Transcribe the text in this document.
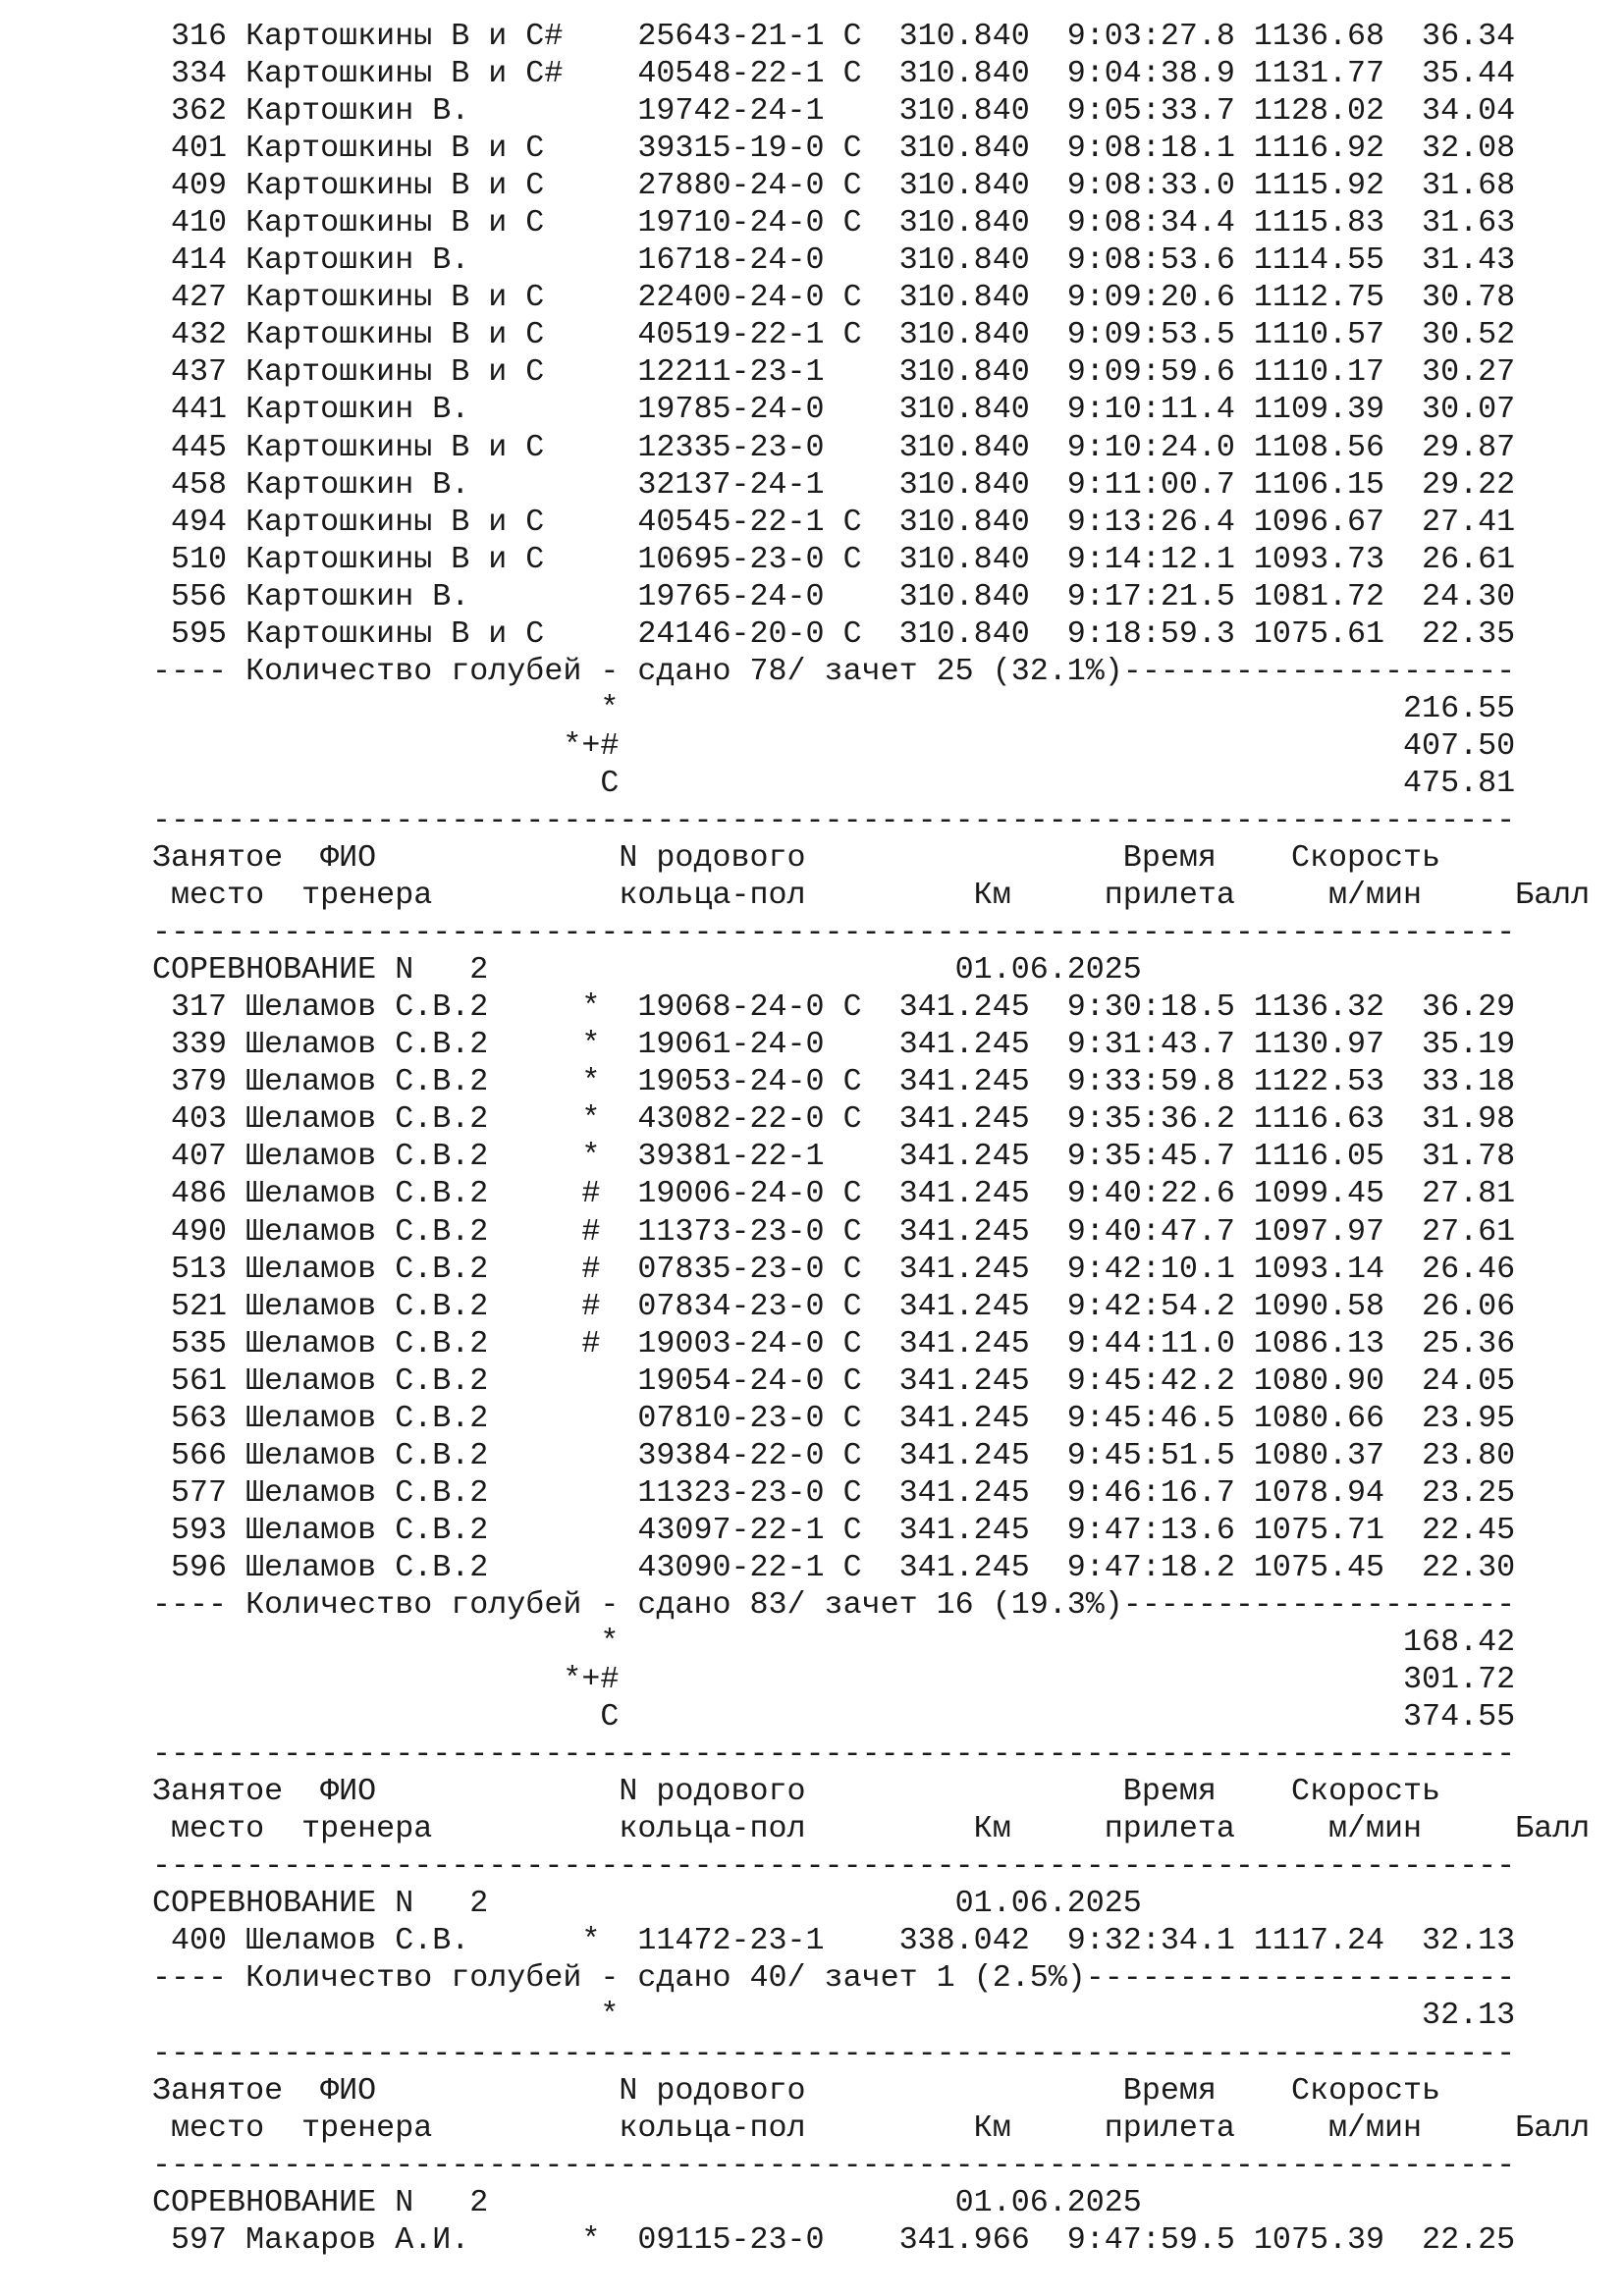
316 Картошкины В и С#    25643-21-1 С  310.840  9:03:27.8 1136.68  36.34
334 Картошкины В и С#    40548-22-1 С  310.840  9:04:38.9 1131.77  35.44
362 Картошкин В.         19742-24-1    310.840  9:05:33.7 1128.02  34.04
401 Картошкины В и С     39315-19-0 С  310.840  9:08:18.1 1116.92  32.08
409 Картошкины В и С     27880-24-0 С  310.840  9:08:33.0 1115.92  31.68
410 Картошкины В и С     19710-24-0 С  310.840  9:08:34.4 1115.83  31.63
414 Картошкин В.         16718-24-0    310.840  9:08:53.6 1114.55  31.43
427 Картошкины В и С     22400-24-0 С  310.840  9:09:20.6 1112.75  30.78
432 Картошкины В и С     40519-22-1 С  310.840  9:09:53.5 1110.57  30.52
437 Картошкины В и С     12211-23-1    310.840  9:09:59.6 1110.17  30.27
441 Картошкин В.         19785-24-0    310.840  9:10:11.4 1109.39  30.07
445 Картошкины В и С     12335-23-0    310.840  9:10:24.0 1108.56  29.87
458 Картошкин В.         32137-24-1    310.840  9:11:00.7 1106.15  29.22
494 Картошкины В и С     40545-22-1 С  310.840  9:13:26.4 1096.67  27.41
510 Картошкины В и С     10695-23-0 С  310.840  9:14:12.1 1093.73  26.61
556 Картошкин В.         19765-24-0    310.840  9:17:21.5 1081.72  24.30
595 Картошкины В и С     24146-20-0 С  310.840  9:18:59.3 1075.61  22.35
---- Количество голубей - сдано 78/ зачет 25 (32.1%)---------------------
*                                          216.55
*+#                                          407.50
С                                          475.81
-------------------------------------------------------------------------
Занятое  ФИО             N родового                 Время    Скорость
место  тренера          кольца-пол         Км     прилета     м/мин     Балл
-------------------------------------------------------------------------
СОРЕВНОВАНИЕ N   2                         01.06.2025
317 Шеламов С.В.2     *  19068-24-0 С  341.245  9:30:18.5 1136.32  36.29
339 Шеламов С.В.2     *  19061-24-0    341.245  9:31:43.7 1130.97  35.19
379 Шеламов С.В.2     *  19053-24-0 С  341.245  9:33:59.8 1122.53  33.18
403 Шеламов С.В.2     *  43082-22-0 С  341.245  9:35:36.2 1116.63  31.98
407 Шеламов С.В.2     *  39381-22-1    341.245  9:35:45.7 1116.05  31.78
486 Шеламов С.В.2     #  19006-24-0 С  341.245  9:40:22.6 1099.45  27.81
490 Шеламов С.В.2     #  11373-23-0 С  341.245  9:40:47.7 1097.97  27.61
513 Шеламов С.В.2     #  07835-23-0 С  341.245  9:42:10.1 1093.14  26.46
521 Шеламов С.В.2     #  07834-23-0 С  341.245  9:42:54.2 1090.58  26.06
535 Шеламов С.В.2     #  19003-24-0 С  341.245  9:44:11.0 1086.13  25.36
561 Шеламов С.В.2        19054-24-0 С  341.245  9:45:42.2 1080.90  24.05
563 Шеламов С.В.2        07810-23-0 С  341.245  9:45:46.5 1080.66  23.95
566 Шеламов С.В.2        39384-22-0 С  341.245  9:45:51.5 1080.37  23.80
577 Шеламов С.В.2        11323-23-0 С  341.245  9:46:16.7 1078.94  23.25
593 Шеламов С.В.2        43097-22-1 С  341.245  9:47:13.6 1075.71  22.45
596 Шеламов С.В.2        43090-22-1 С  341.245  9:47:18.2 1075.45  22.30
---- Количество голубей - сдано 83/ зачет 16 (19.3%)---------------------
*                                          168.42
*+#                                          301.72
С                                          374.55
-------------------------------------------------------------------------
Занятое  ФИО             N родового                 Время    Скорость
место  тренера          кольца-пол         Км     прилета     м/мин     Балл
-------------------------------------------------------------------------
СОРЕВНОВАНИЕ N   2                         01.06.2025
400 Шеламов С.В.      *  11472-23-1    338.042  9:32:34.1 1117.24  32.13
---- Количество голубей - сдано 40/ зачет 1 (2.5%)-----------------------
*                                           32.13
-------------------------------------------------------------------------
Занятое  ФИО             N родового                 Время    Скорость
место  тренера          кольца-пол         Км     прилета     м/мин     Балл
-------------------------------------------------------------------------
СОРЕВНОВАНИЕ N   2                         01.06.2025
597 Макаров А.И.      *  09115-23-0    341.966  9:47:59.5 1075.39  22.25
